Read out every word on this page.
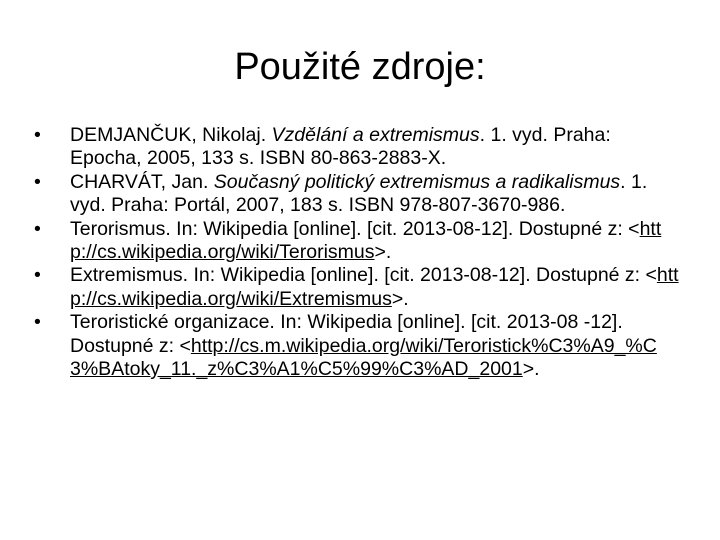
Použité zdroje:
•	DEMJANČUK, Nikolaj. Vzdělání a extremismus. 1. vyd. Praha: Epocha, 2005, 133 s. ISBN 80-863-2883-X.
•	CHARVÁT, Jan. Současný politický extremismus a radikalismus. 1. vyd. Praha: Portál, 2007, 183 s. ISBN 978-807-3670-986.
•	Terorismus. In: Wikipedia [online]. [cit. 2013-08-12]. Dostupné z: <http://cs.wikipedia.org/wiki/Terorismus>.
•	Extremismus. In: Wikipedia [online]. [cit. 2013-08-12]. Dostupné z: <http://cs.wikipedia.org/wiki/Extremismus>.
•	Teroristické organizace. In: Wikipedia [online]. [cit. 2013-08 -12]. Dostupné z: <http://cs.m.wikipedia.org/wiki/Teroristick%C3%A9_%C3%BAtoky_11._z%C3%A1%C5%99%C3%AD_2001>.
